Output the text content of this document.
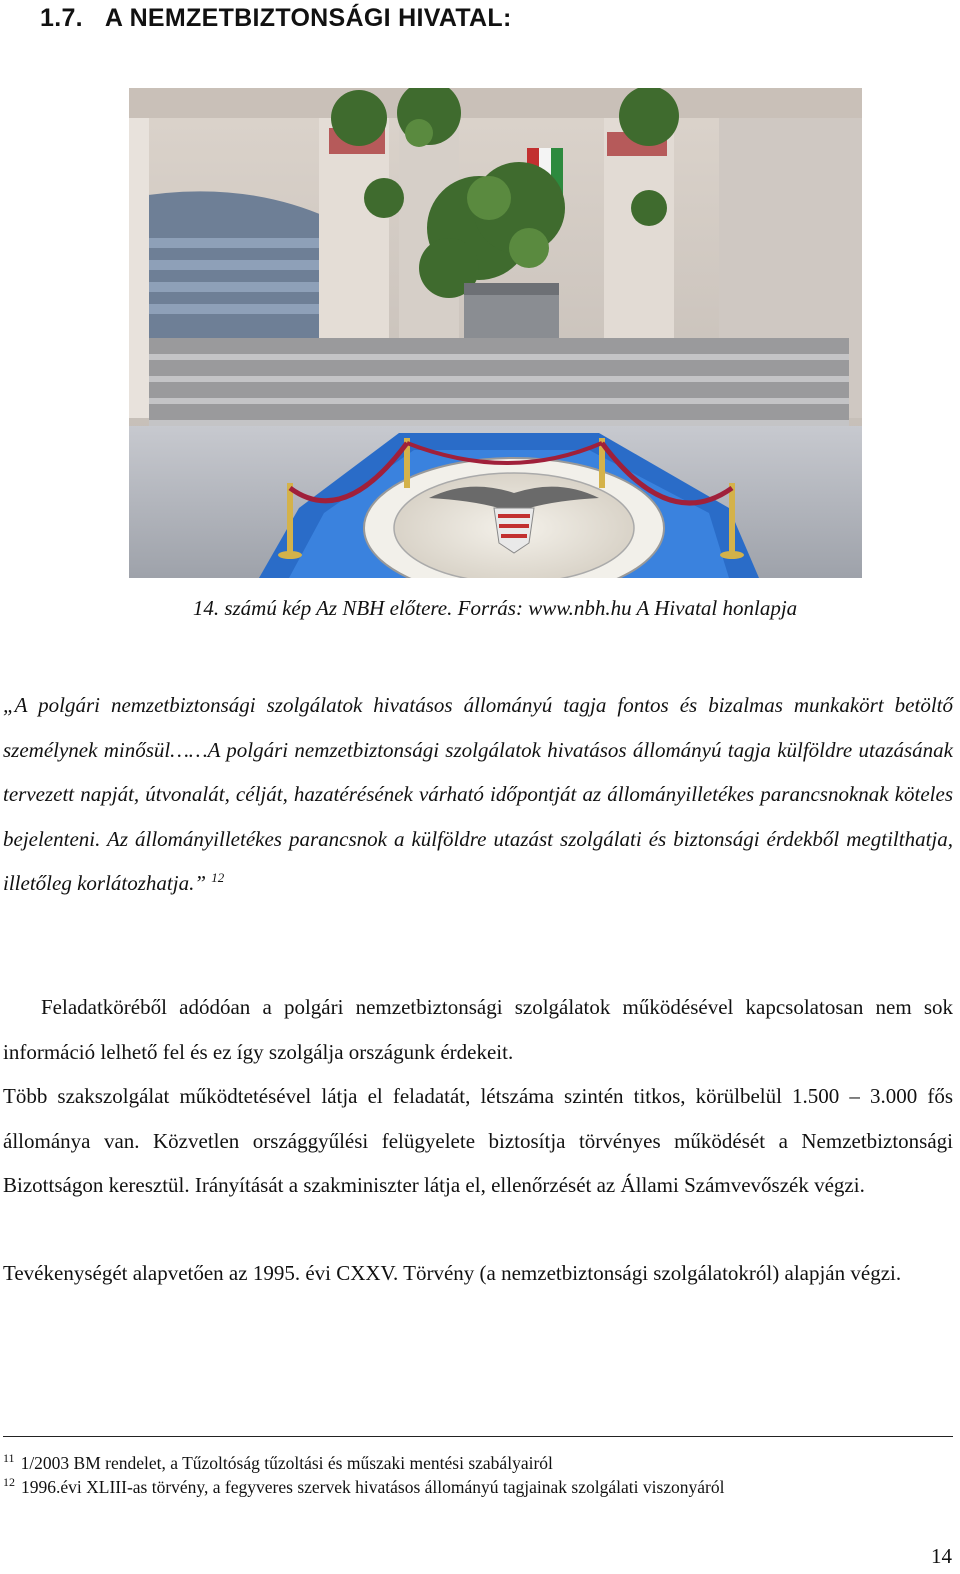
1.7. A NEMZETBIZTONSÁGI HIVATAL:
14. számú kép Az NBH előtere. Forrás: www.nbh.hu A Hivatal honlapja

„A polgári nemzetbiztonsági szolgálatok hivatásos állományú tagja fontos és bizalmas munkakört betöltő személynek minősül……A polgári nemzetbiztonsági szolgálatok hivatásos állományú tagja külföldre utazásának tervezett napját, útvonalát, célját, hazatérésének várható időpontját az állományilletékes parancsnoknak köteles bejelenteni. Az állományilletékes parancsnok a külföldre utazást szolgálati és biztonsági érdekből megtilthatja, illetőleg korlátozhatja.” $^{12}$

Feladatköréből adódóan a polgári nemzetbiztonsági szolgálatok működésével kapcsolatosan nem sok információ lelhető fel és ez így szolgálja országunk érdekeit.

Több szakszolgálat működtetésével látja el feladatát, létszáma szintén titkos, körülbelül 1.500 – 3.000 fős állománya van. Közvetlen országgyűlési felügyelete biztosítja törvényes működését a Nemzetbiztonsági Bizottságon keresztül. Irányítását a szakminiszter látja el, ellenőrzését az Állami Számvevőszék végzi.

Tevékenységét alapvetően az 1995. évi CXXV. Törvény (a nemzetbiztonsági szolgálatokról) alapján végzi.

$^{11}$ 1/2003 BM rendelet, a Tűzoltóság tűzoltási és műszaki mentési szabályairól
$^{12}$ 1996.évi XLIII-as törvény, a fegyveres szervek hivatásos állományú tagjainak szolgálati viszonyáról
14
